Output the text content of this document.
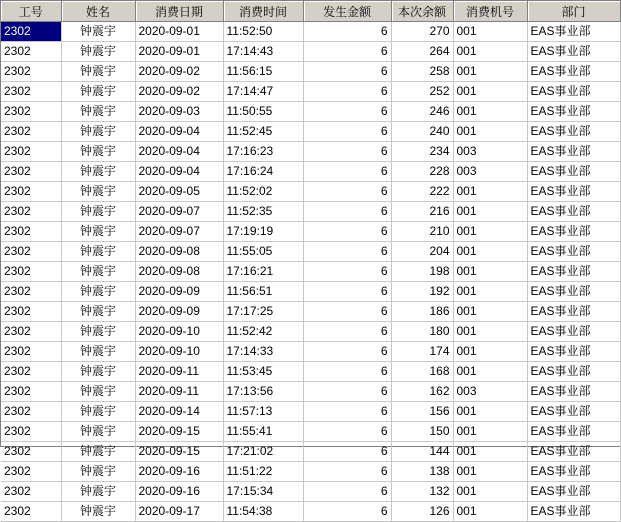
工号	姓名	消费日期	消费时间	发生金额	本次余额	消费机号	部门
2302	钟震宇	2020-09-01	11:52:50	6	270	001	EAS事业部
2302	钟震宇	2020-09-01	17:14:43	6	264	001	EAS事业部
2302	钟震宇	2020-09-02	11:56:15	6	258	001	EAS事业部
2302	钟震宇	2020-09-02	17:14:47	6	252	001	EAS事业部
2302	钟震宇	2020-09-03	11:50:55	6	246	001	EAS事业部
2302	钟震宇	2020-09-04	11:52:45	6	240	001	EAS事业部
2302	钟震宇	2020-09-04	17:16:23	6	234	003	EAS事业部
2302	钟震宇	2020-09-04	17:16:24	6	228	003	EAS事业部
2302	钟震宇	2020-09-05	11:52:02	6	222	001	EAS事业部
2302	钟震宇	2020-09-07	11:52:35	6	216	001	EAS事业部
2302	钟震宇	2020-09-07	17:19:19	6	210	001	EAS事业部
2302	钟震宇	2020-09-08	11:55:05	6	204	001	EAS事业部
2302	钟震宇	2020-09-08	17:16:21	6	198	001	EAS事业部
2302	钟震宇	2020-09-09	11:56:51	6	192	001	EAS事业部
2302	钟震宇	2020-09-09	17:17:25	6	186	001	EAS事业部
2302	钟震宇	2020-09-10	11:52:42	6	180	001	EAS事业部
2302	钟震宇	2020-09-10	17:14:33	6	174	001	EAS事业部
2302	钟震宇	2020-09-11	11:53:45	6	168	001	EAS事业部
2302	钟震宇	2020-09-11	17:13:56	6	162	003	EAS事业部
2302	钟震宇	2020-09-14	11:57:13	6	156	001	EAS事业部
2302	钟震宇	2020-09-15	11:55:41	6	150	001	EAS事业部
2302	钟震宇	2020-09-15	17:21:02	6	144	001	EAS事业部
2302	钟震宇	2020-09-16	11:51:22	6	138	001	EAS事业部
2302	钟震宇	2020-09-16	17:15:34	6	132	001	EAS事业部
2302	钟震宇	2020-09-17	11:54:38	6	126	001	EAS事业部
